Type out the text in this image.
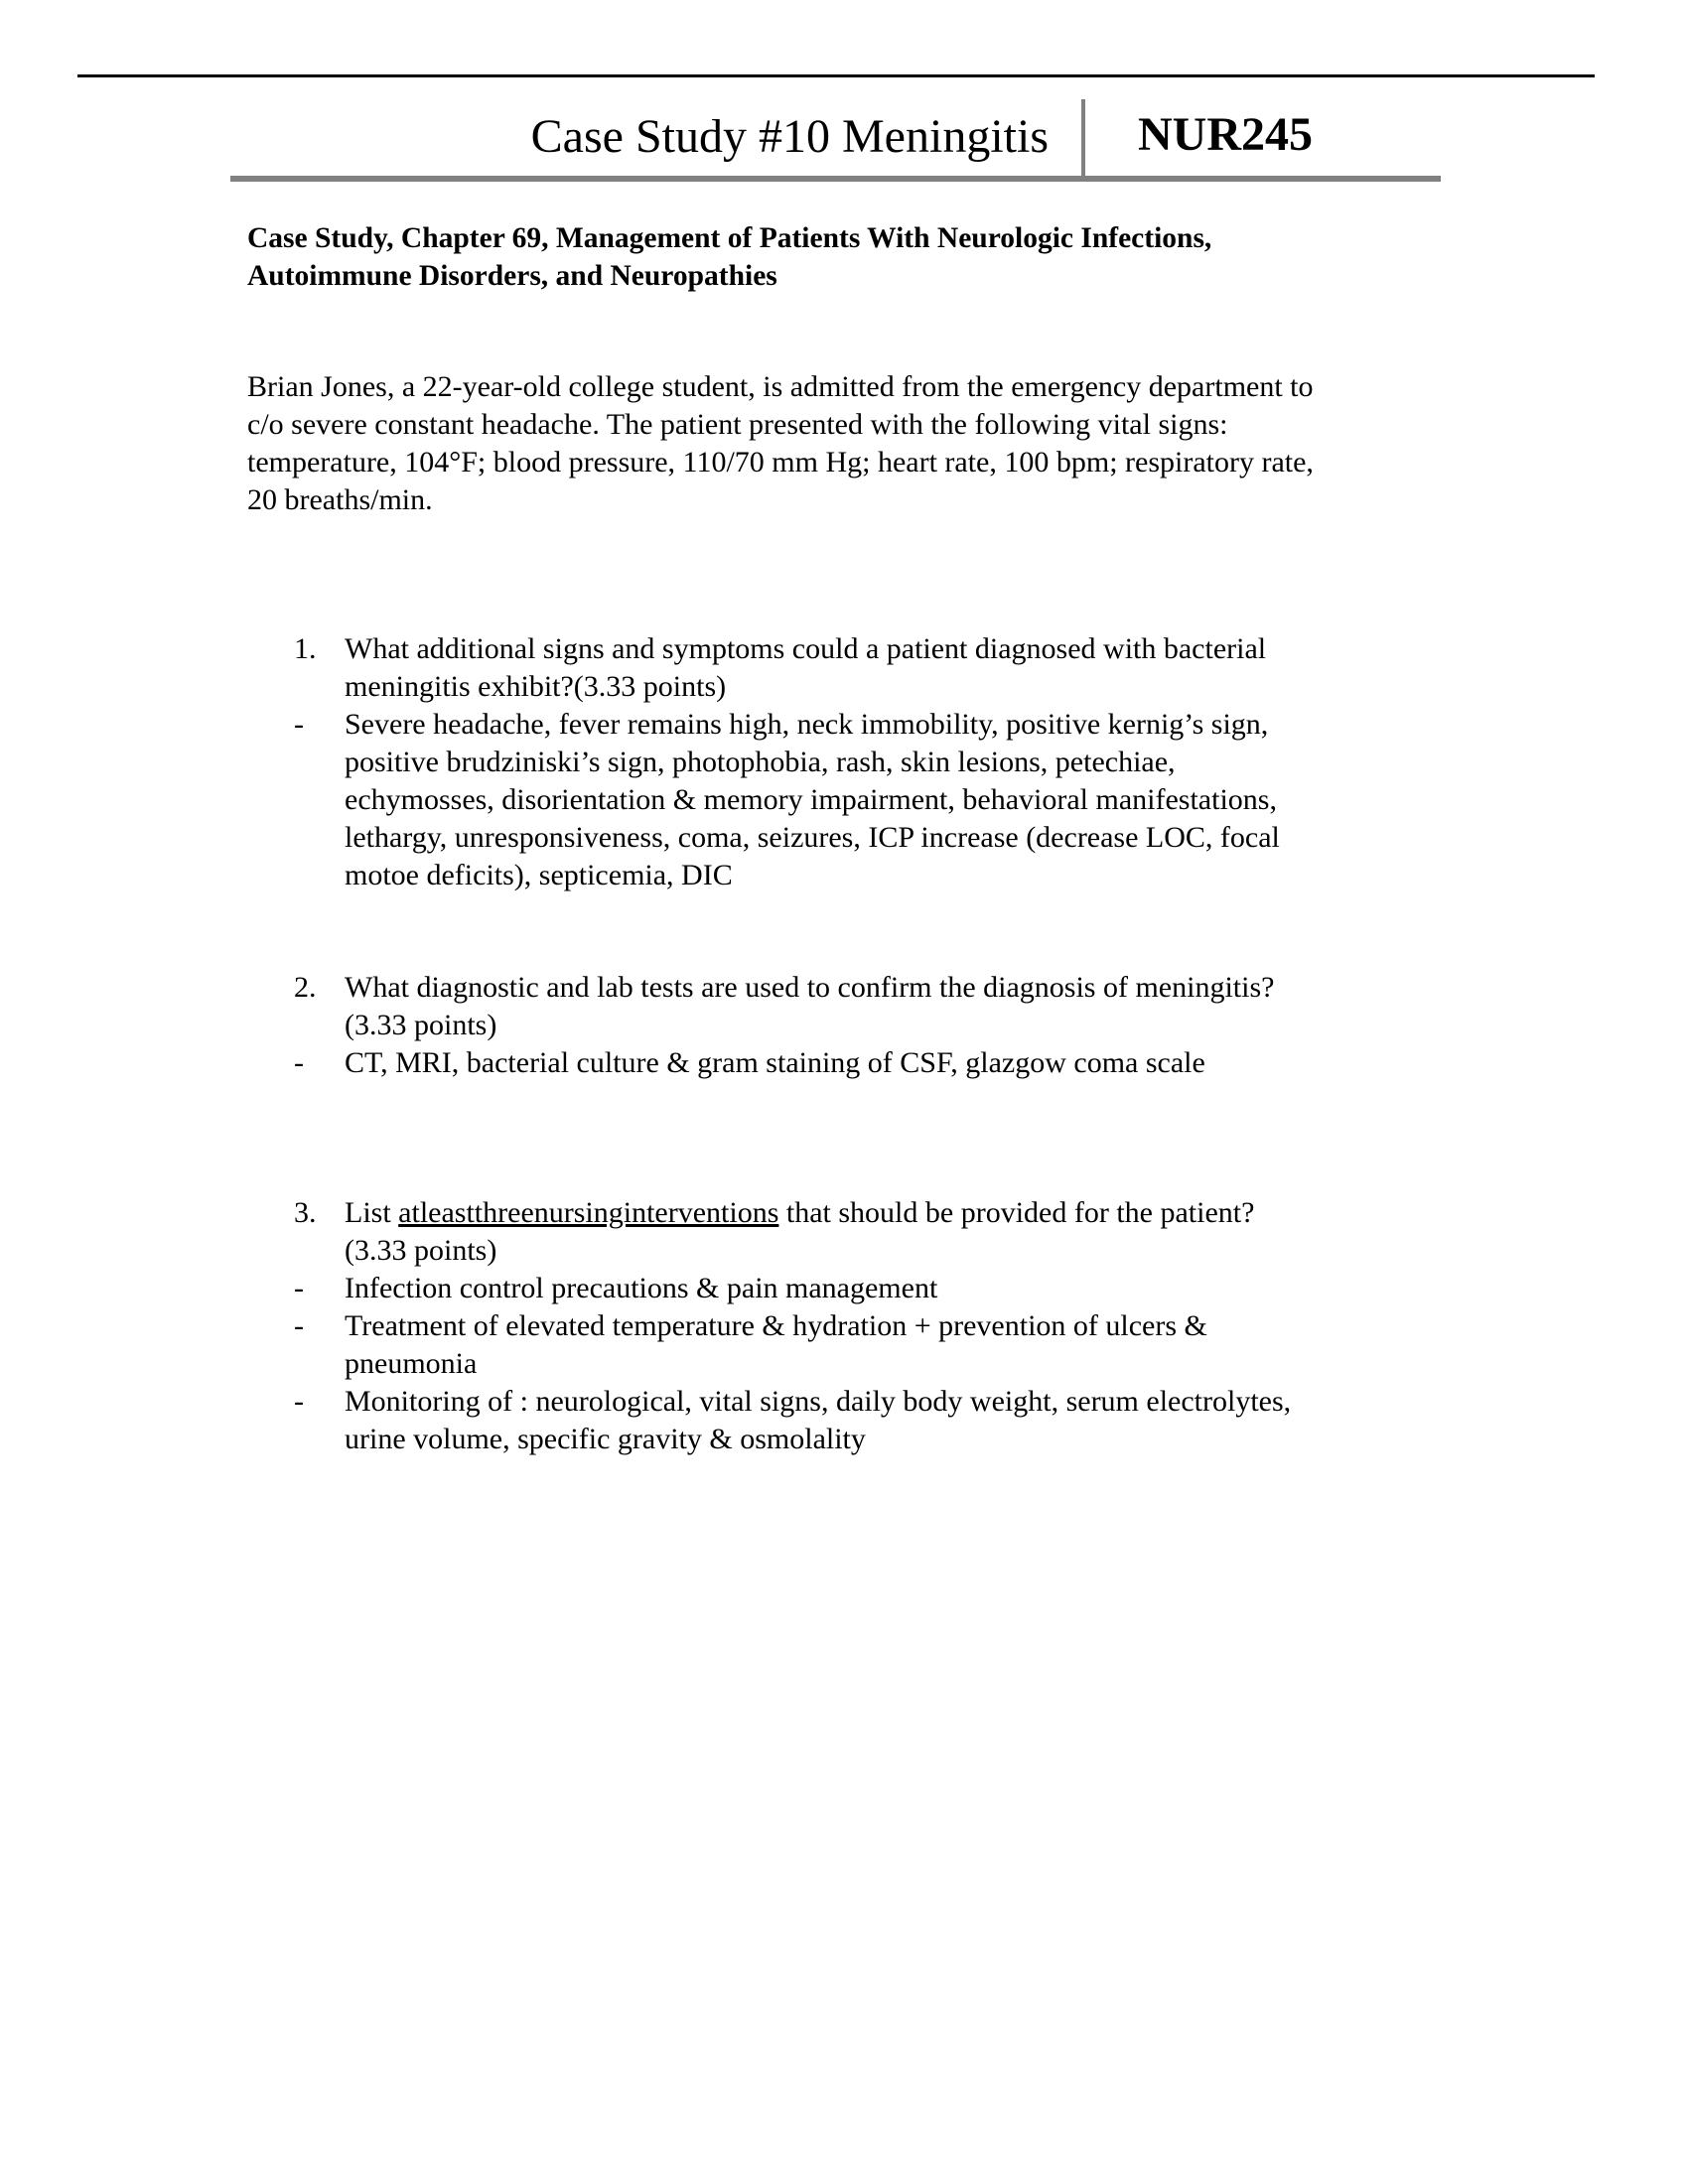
Case Study #10 Meningitis NUR245
Case Study, Chapter 69, Management of Patients With Neurologic Infections,
Autoimmune Disorders, and Neuropathies
Brian Jones, a 22-year-old college student, is admitted from the emergency department to
c/o severe constant headache. The patient presented with the following vital signs:
temperature, 104°F; blood pressure, 110/70 mm Hg; heart rate, 100 bpm; respiratory rate,
20 breaths/min.
1. What additional signs and symptoms could a patient diagnosed with bacterial
meningitis exhibit?(3.33 points)
- Severe headache, fever remains high, neck immobility, positive kernig’s sign,
positive brudziniski’s sign, photophobia, rash, skin lesions, petechiae,
echymosses, disorientation & memory impairment, behavioral manifestations,
lethargy, unresponsiveness, coma, seizures, ICP increase (decrease LOC, focal
motoe deficits), septicemia, DIC
2. What diagnostic and lab tests are used to confirm the diagnosis of meningitis?
(3.33 points)
- CT, MRI, bacterial culture & gram staining of CSF, glazgow coma scale
3. List atleastthreenursinginterventions that should be provided for the patient?
(3.33 points)
- Infection control precautions & pain management
- Treatment of elevated temperature & hydration + prevention of ulcers &
pneumonia
- Monitoring of : neurological, vital signs, daily body weight, serum electrolytes,
urine volume, specific gravity & osmolality
